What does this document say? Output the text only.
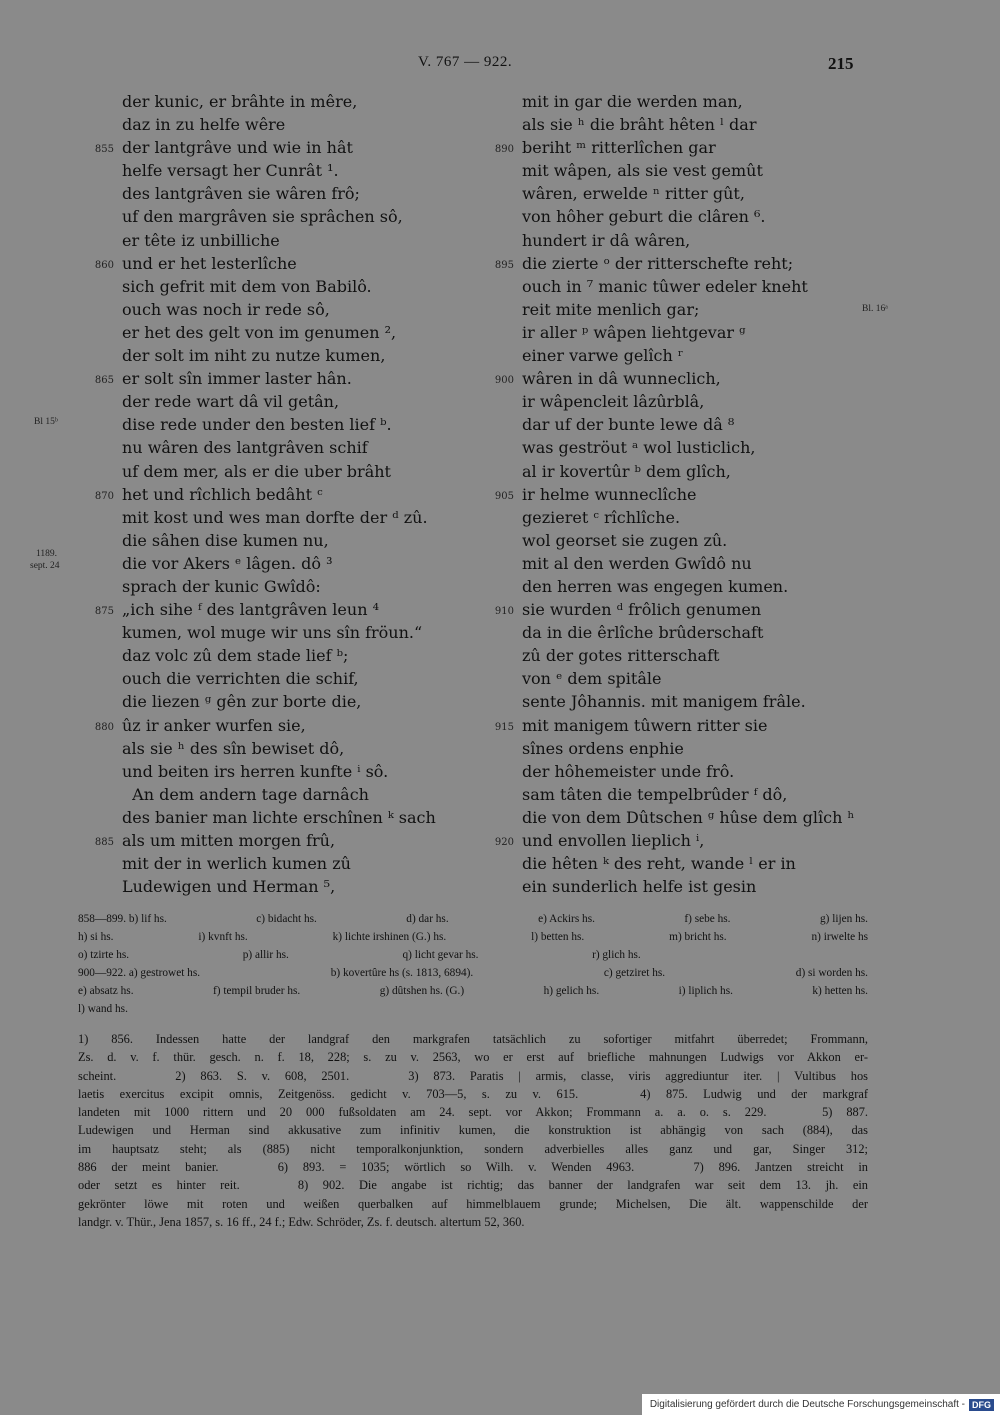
V. 767 — 922.	215
der kunic, er brâhte in mêre,
daz in zu helfe wêre
855 der lantgrâve und wie in hât
helfe versagt her Cunrât ¹.
des lantgrâven sie wâren frô;
uf den margrâven sie sprâchen sô,
er tête iz unbilliche
860 und er het lesterlîche
sich gefrit mit dem von Babilô.
ouch was noch ir rede sô,
er het des gelt von im genumen ²,
der solt im niht zu nutze kumen,
865 er solt sîn immer laster hân.
der rede wart dâ vil getân,
dise rede under den besten lief ᵇ.
nu wâren des lantgrâven schif
uf dem mer, als er die uber brâht
870 het und rîchlich bedâht ᶜ
mit kost und wes man dorfte der ᵈ zû.
die sâhen dise kumen nu,
die vor Akers ᵉ lâgen. dô ³
sprach der kunic Gwîdô:
875 „ich sihe ᶠ des lantgrâven leun ⁴
kumen, wol muge wir uns sîn fröun.“
daz volc zû dem stade lief ᵇ;
ouch die verrichten die schif,
die liezen ᵍ gên zur borte die,
880 ûz ir anker wurfen sie,
als sie ʰ des sîn bewiset dô,
und beiten irs herren kunfte ⁱ sô.
An dem andern tage darnâch
des banier man lichte erschînen ᵏ sach
885 als um mitten morgen frû,
mit der in werlich kumen zû
Ludewigen und Herman ⁵,
mit in gar die werden man,
als sie ʰ die brâht hêten ˡ dar
890 beriht ᵐ ritterlîchen gar
mit wâpen, als sie vest gemût
wâren, erwelde ⁿ ritter gût,
von hôher geburt die clâren ⁶.
hundert ir dâ wâren,
895 die zierte ᵒ der ritterschefte reht;
ouch in ⁷ manic tûwer edeler kneht
reit mite menlich gar;
ir aller ᵖ wâpen liehtgevar ᵍ
einer varwe gelîch ʳ
900 wâren in dâ wunneclich,
ir wâpencleit lâzûrblâ,
dar uf der bunte lewe dâ ⁸
was geströut ᵃ wol lusticlich,
al ir kovertûr ᵇ dem glîch,
905 ir helme wunneclîche
gezieret ᶜ rîchlîche.
wol georset sie zugen zû.
mit al den werden Gwîdô nu
den herren was engegen kumen.
910 sie wurden ᵈ frôlich genumen
da in die êrlîche brûderschaft
zû der gotes ritterschaft
von ᵉ dem spitâle
sente Jôhannis. mit manigem frâle.
915 mit manigem tûwern ritter sie
sînes ordens enphie
der hôhemeister unde frô.
sam tâten die tempelbrûder ᶠ dô,
die von dem Dûtschen ᵍ hûse dem glîch ʰ
920 und envollen lieplich ⁱ,
die hêten ᵏ des reht, wande ˡ er in
ein sunderlich helfe ist gesin
Bl 15ᵇ
1189.
sept. 24
Bl. 16ᵃ
858—899. b) lif hs.	c) bidacht hs.	d) dar hs.	e) Ackirs hs.	f) sebe hs.	g) lijen hs.
h) si hs.	i) kvnft hs.	k) lichte irshinen (G.) hs.	l) betten hs.	m) bricht hs.	n) irwelte hs
o) tzirte hs.	p) allir hs.	q) licht gevar hs.	r) glich hs.
900—922. a) gestrowet hs.	b) kovertûre hs (s. 1813, 6894).	c) getziret hs.	d) si worden hs.
e) absatz hs.	f) tempil bruder hs.	g) dûtshen hs. (G.)	h) gelich hs.	i) liplich hs.	k) hetten hs.
l) wand hs.
1) 856. Indessen hatte der landgraf den markgrafen tatsächlich zu sofortiger mitfahrt überredet; Frommann,
Zs. d. v. f. thür. gesch. n. f. 18, 228; s. zu v. 2563, wo er erst auf briefliche mahnungen Ludwigs vor Akkon er-
scheint.    2) 863. S. v. 608, 2501.    3) 873. Paratis | armis, classe, viris aggrediuntur iter. | Vultibus hos
laetis exercitus excipit omnis, Zeitgenöss. gedicht v. 703—5, s. zu v. 615.    4) 875. Ludwig und der markgraf
landeten mit 1000 rittern und 20 000 fußsoldaten am 24. sept. vor Akkon; Frommann a. a. o. s. 229.    5) 887.
Ludewigen und Herman sind akkusative zum infinitiv kumen, die konstruktion ist abhängig von sach (884), das
im hauptsatz steht; als (885) nicht temporalkonjunktion, sondern adverbielles alles ganz und gar, Singer 312;
886 der meint banier.    6) 893. = 1035; wörtlich so Wilh. v. Wenden 4963.    7) 896. Jantzen streicht in
oder setzt es hinter reit.    8) 902. Die angabe ist richtig; das banner der landgrafen war seit dem 13. jh. ein
gekrönter löwe mit roten und weißen querbalken auf himmelblauem grunde; Michelsen, Die ält. wappenschilde der
landgr. v. Thür., Jena 1857, s. 16 ff., 24 f.; Edw. Schröder, Zs. f. deutsch. altertum 52, 360.
Digitalisierung gefördert durch die Deutsche Forschungsgemeinschaft - DFG
